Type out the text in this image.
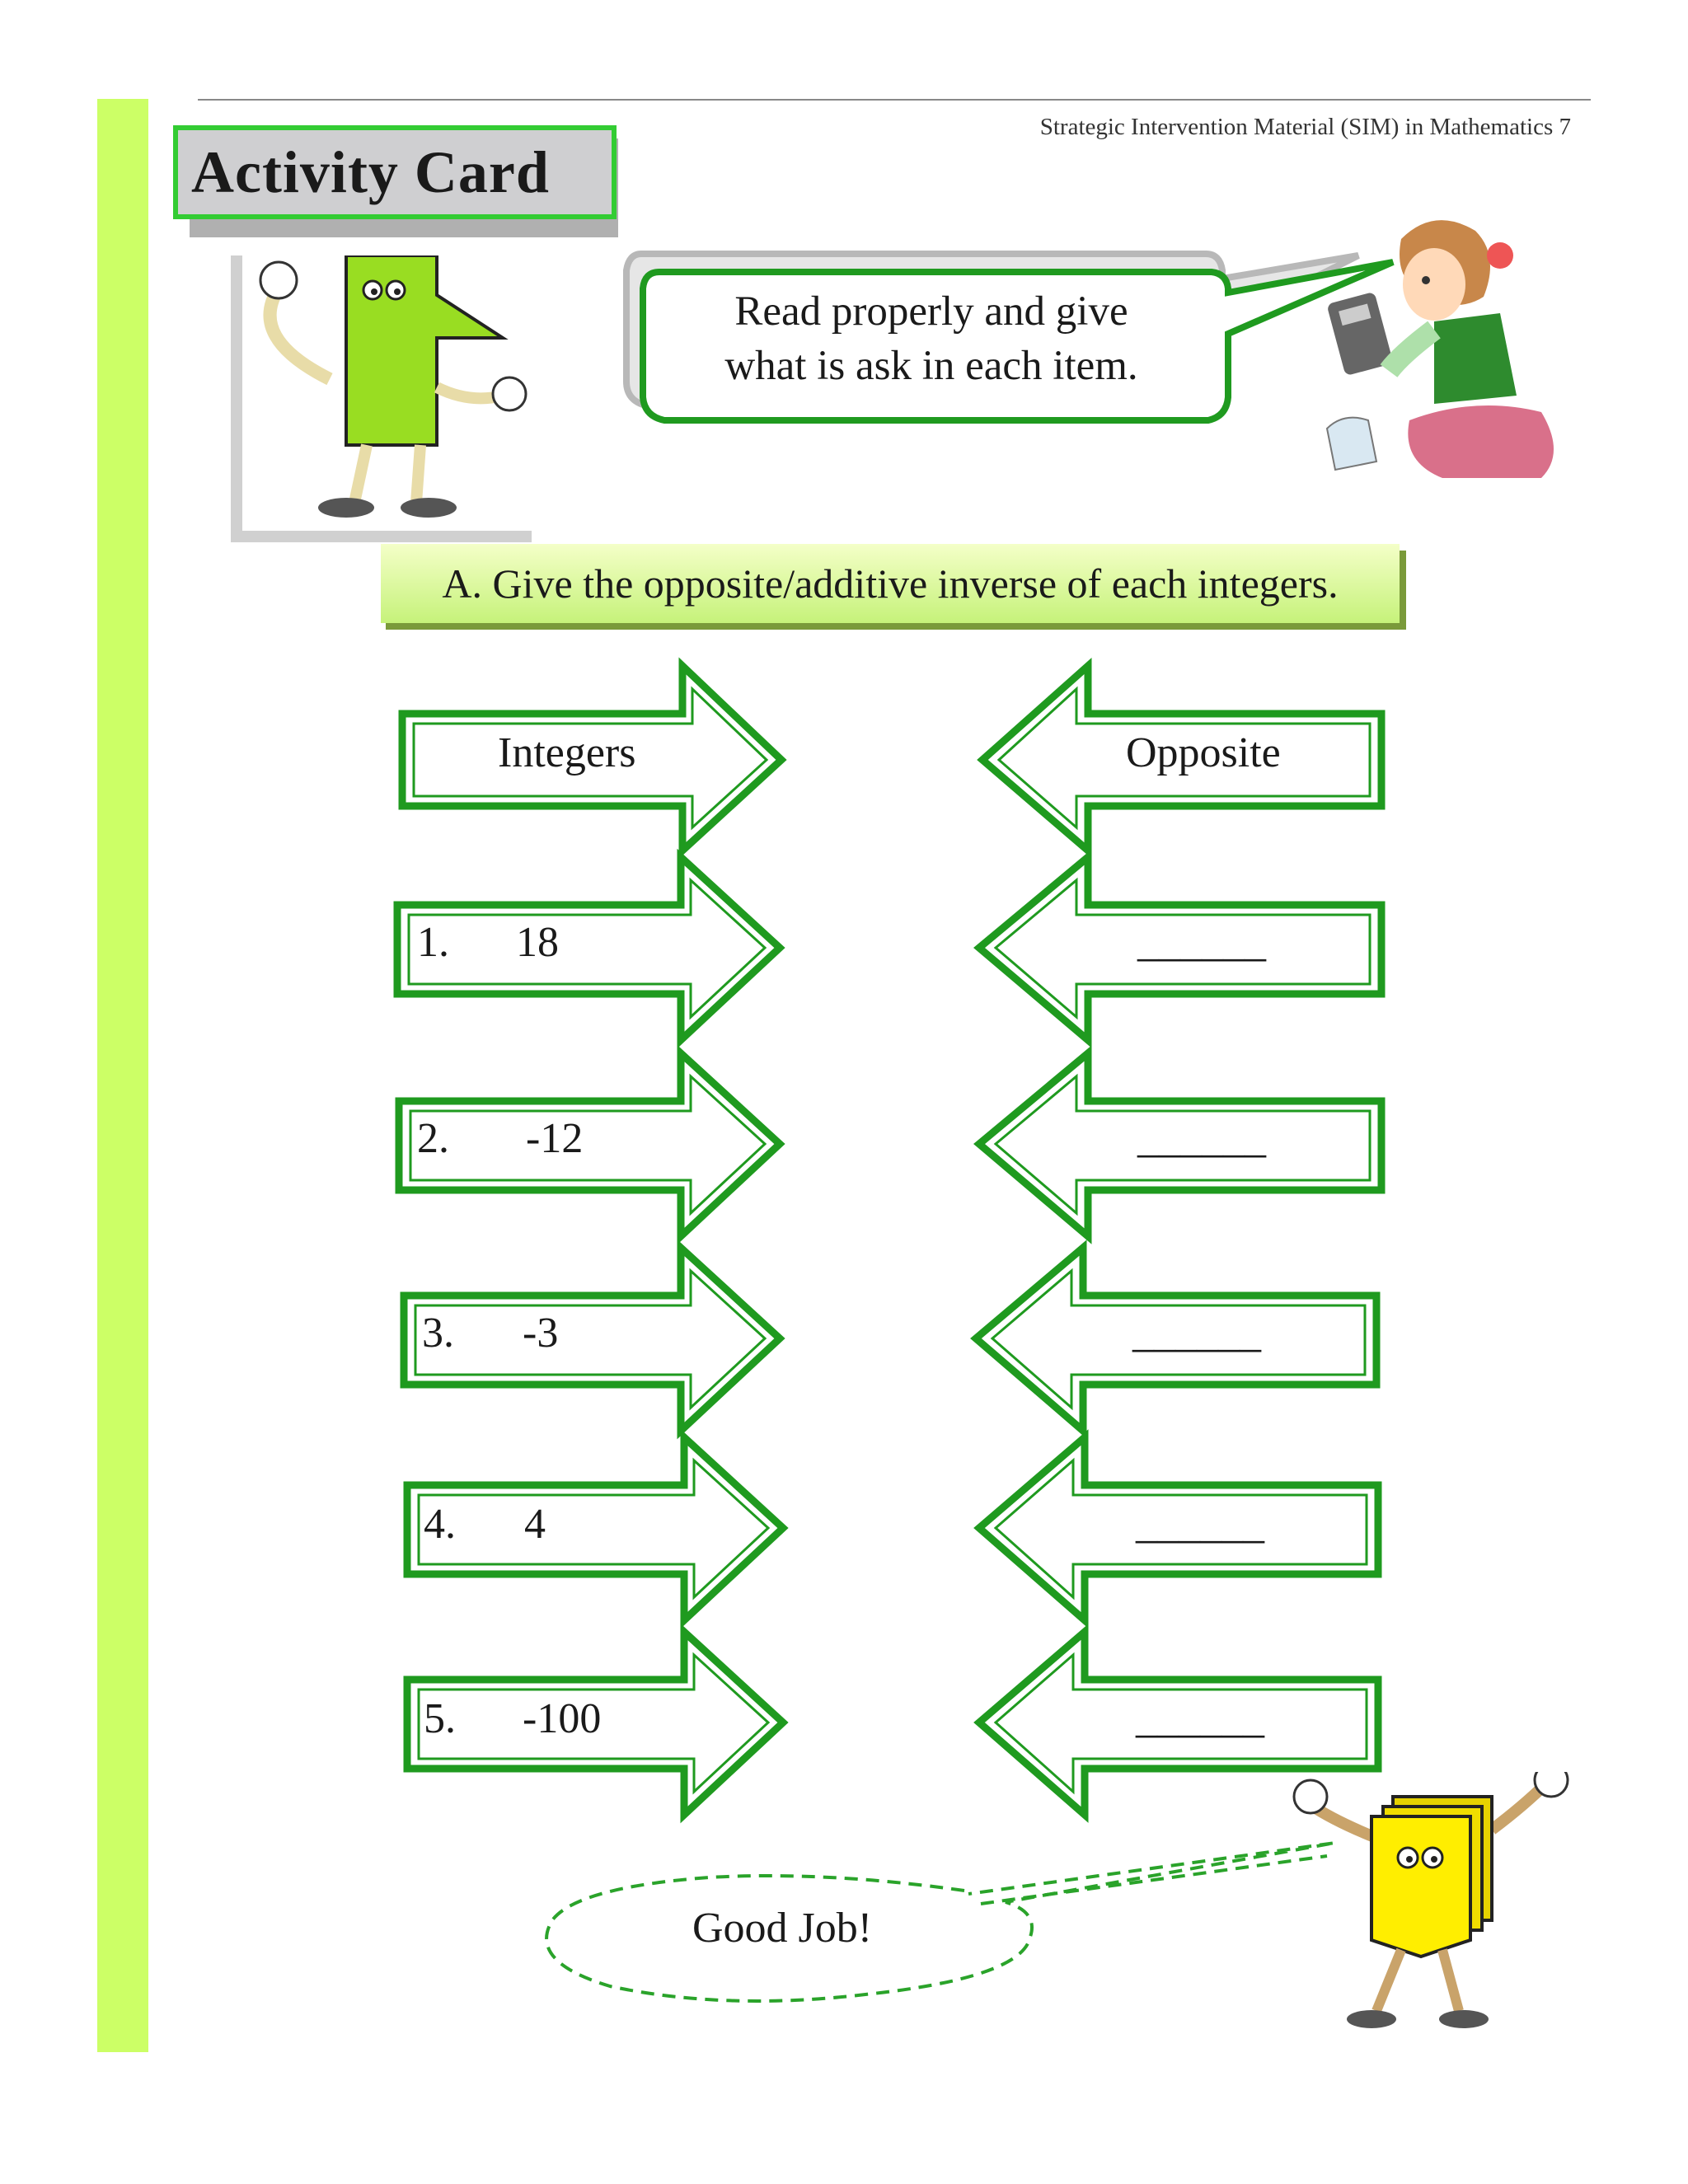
Strategic Intervention Material (SIM) in Mathematics 7
Activity Card
Read properly and give
what is ask in each item.
A. Give the opposite/additive inverse of each integers.
Integers	Opposite
1. 18	______
2. -12	______
3. -3	______
4. 4	______
5. -100	______
Good Job!
